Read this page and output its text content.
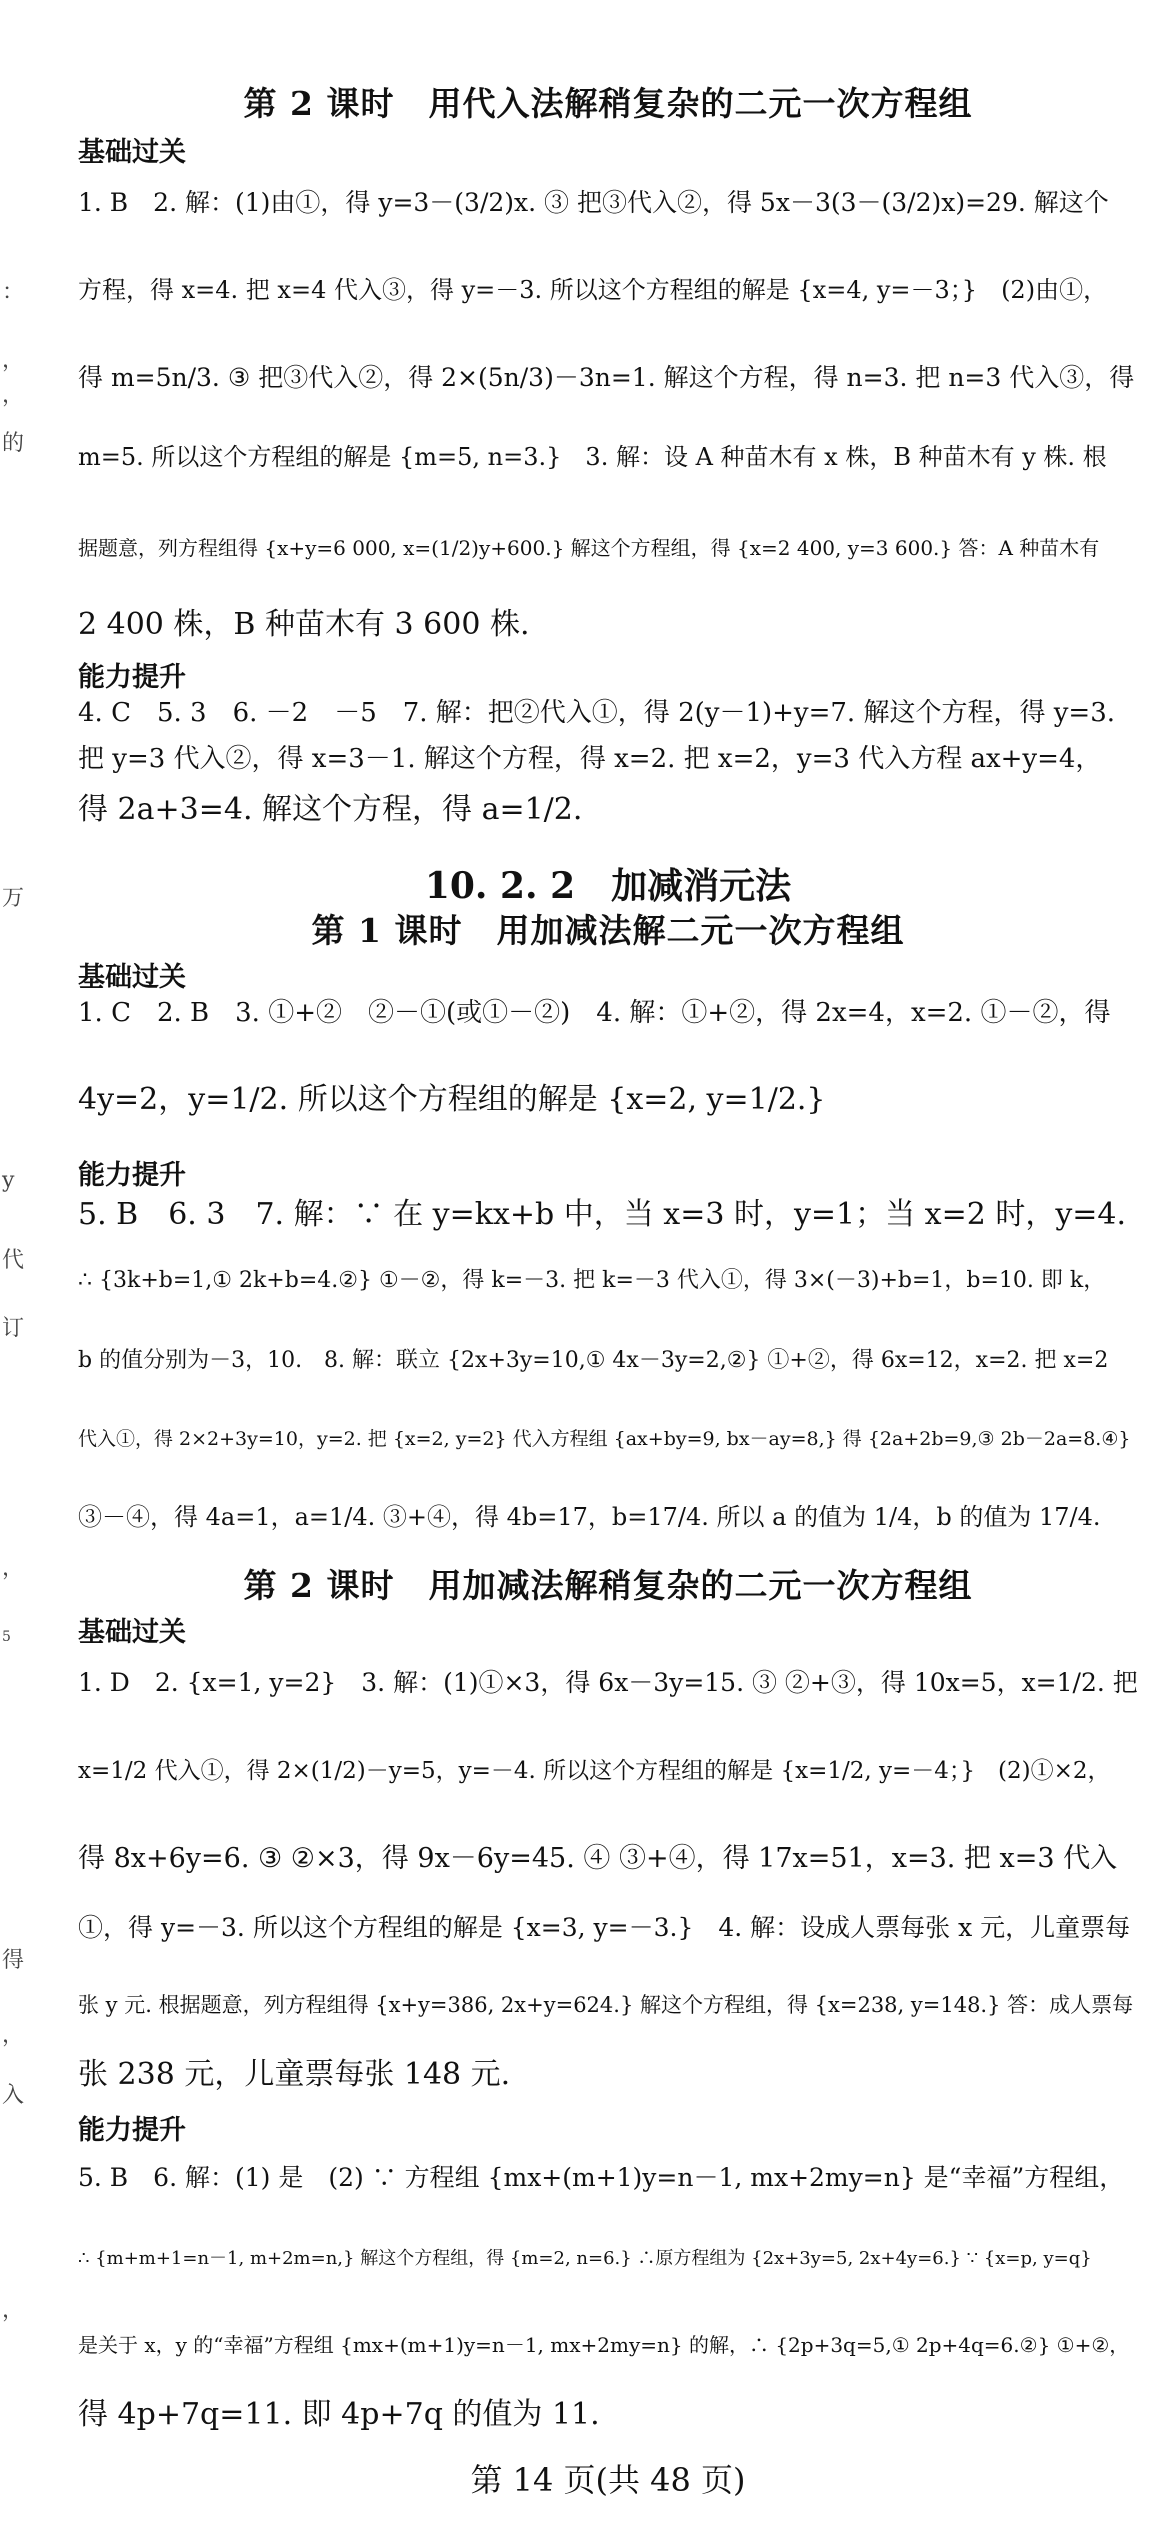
：
，
，
的
万
y
代
订
，
5
得
，
入
，
第 2 课时　用代入法解稍复杂的二元一次方程组
基础过关
1. B　2. 解：(1)由①，得 y=3－(3/2)x. ③ 把③代入②，得 5x－3(3－(3/2)x)=29. 解这个
方程，得 x=4. 把 x=4 代入③，得 y=－3. 所以这个方程组的解是 {x=4, y=－3；}　(2)由①，
得 m=5n/3. ③ 把③代入②，得 2×(5n/3)－3n=1. 解这个方程，得 n=3. 把 n=3 代入③，得
m=5. 所以这个方程组的解是 {m=5, n=3.}　3. 解：设 A 种苗木有 x 株，B 种苗木有 y 株. 根
据题意，列方程组得 {x+y=6 000, x=(1/2)y+600.} 解这个方程组，得 {x=2 400, y=3 600.} 答：A 种苗木有
2 400 株，B 种苗木有 3 600 株.
能力提升
4. C　5. 3　6. －2　－5　7. 解：把②代入①，得 2(y－1)+y=7. 解这个方程，得 y=3.
把 y=3 代入②，得 x=3－1. 解这个方程，得 x=2. 把 x=2，y=3 代入方程 ax+y=4，
得 2a+3=4. 解这个方程，得 a=1/2.
10. 2. 2　加减消元法
第 1 课时　用加减法解二元一次方程组
基础过关
1. C　2. B　3. ①+②　②－①(或①－②)　4. 解：①+②，得 2x=4，x=2. ①－②，得
4y=2，y=1/2. 所以这个方程组的解是 {x=2, y=1/2.}
能力提升
5. B　6. 3　7. 解：∵ 在 y=kx+b 中，当 x=3 时，y=1；当 x=2 时，y=4.
∴ {3k+b=1,① 2k+b=4.②} ①－②，得 k=－3. 把 k=－3 代入①，得 3×(－3)+b=1，b=10. 即 k，
b 的值分别为－3，10.　8. 解：联立 {2x+3y=10,① 4x－3y=2,②} ①+②，得 6x=12，x=2. 把 x=2
代入①，得 2×2+3y=10，y=2. 把 {x=2, y=2} 代入方程组 {ax+by=9, bx－ay=8,} 得 {2a+2b=9,③ 2b－2a=8.④}
③－④，得 4a=1，a=1/4. ③+④，得 4b=17，b=17/4. 所以 a 的值为 1/4，b 的值为 17/4.
第 2 课时　用加减法解稍复杂的二元一次方程组
基础过关
1. D　2. {x=1, y=2}　3. 解：(1)①×3，得 6x－3y=15. ③ ②+③，得 10x=5，x=1/2. 把
x=1/2 代入①，得 2×(1/2)－y=5，y=－4. 所以这个方程组的解是 {x=1/2, y=－4；}　(2)①×2，
得 8x+6y=6. ③ ②×3，得 9x－6y=45. ④ ③+④，得 17x=51，x=3. 把 x=3 代入
①，得 y=－3. 所以这个方程组的解是 {x=3, y=－3.}　4. 解：设成人票每张 x 元，儿童票每
张 y 元. 根据题意，列方程组得 {x+y=386, 2x+y=624.} 解这个方程组，得 {x=238, y=148.} 答：成人票每
张 238 元，儿童票每张 148 元.
能力提升
5. B　6. 解：(1) 是　(2) ∵ 方程组 {mx+(m+1)y=n－1, mx+2my=n} 是“幸福”方程组，
∴ {m+m+1=n－1, m+2m=n,} 解这个方程组，得 {m=2, n=6.} ∴原方程组为 {2x+3y=5, 2x+4y=6.} ∵ {x=p, y=q}
是关于 x，y 的“幸福”方程组 {mx+(m+1)y=n－1, mx+2my=n} 的解，∴ {2p+3q=5,① 2p+4q=6.②} ①+②，
得 4p+7q=11. 即 4p+7q 的值为 11.
第 14 页(共 48 页)
